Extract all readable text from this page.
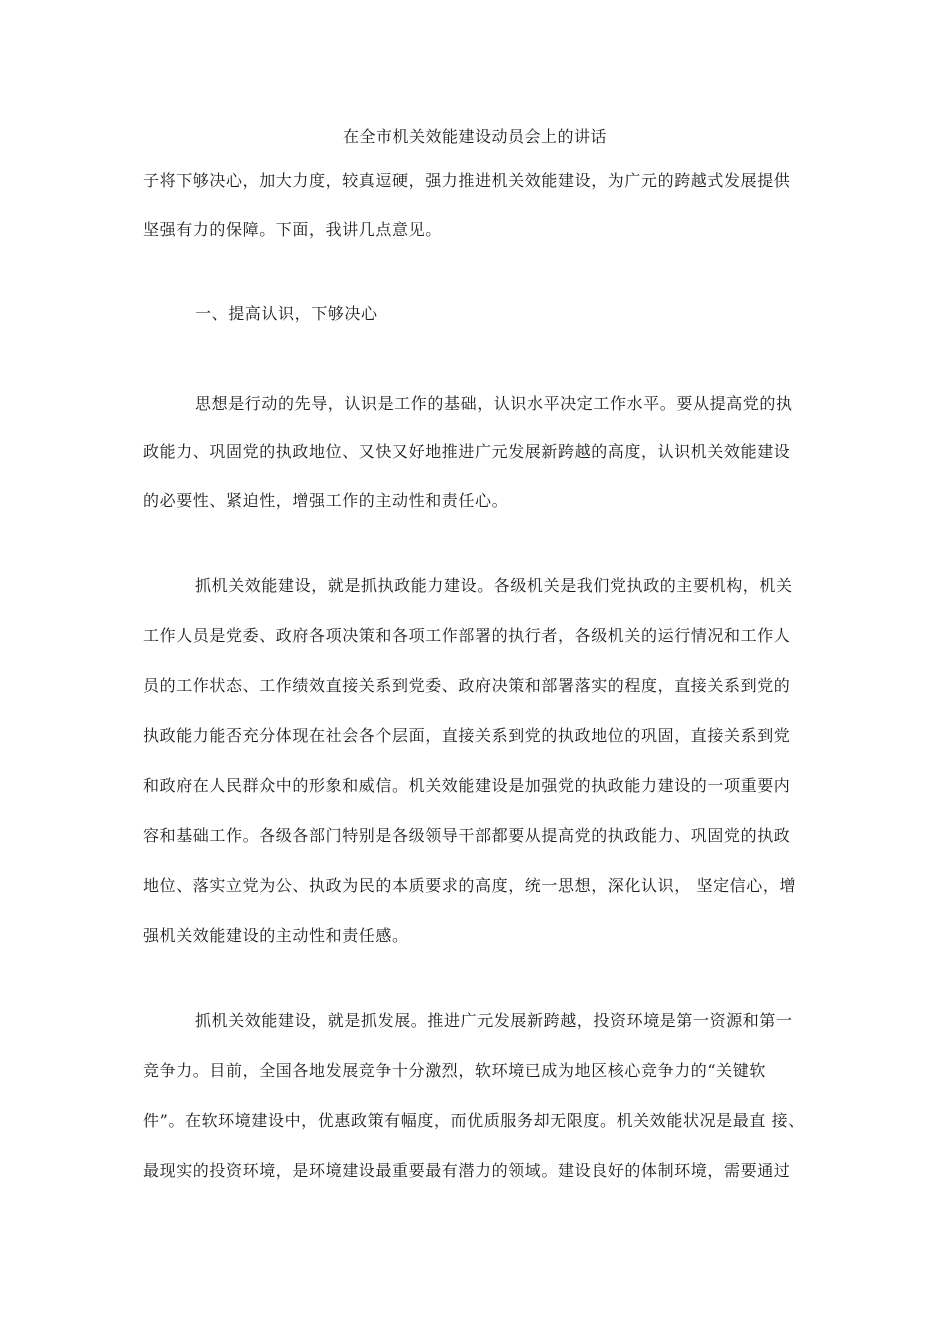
在全市机关效能建设动员会上的讲话
子将下够决心，加大力度，较真逗硬，强力推进机关效能建设，为广元的跨越式发展提供
坚强有力的保障。下面，我讲几点意见。
一、提高认识，下够决心
思想是行动的先导，认识是工作的基础，认识水平决定工作水平。要从提高党的执
政能力、巩固党的执政地位、又快又好地推进广元发展新跨越的高度，认识机关效能建设
的必要性、紧迫性，增强工作的主动性和责任心。
抓机关效能建设，就是抓执政能力建设。各级机关是我们党执政的主要机构，机关
工作人员是党委、政府各项决策和各项工作部署的执行者，各级机关的运行情况和工作人
员的工作状态、工作绩效直接关系到党委、政府决策和部署落实的程度，直接关系到党的
执政能力能否充分体现在社会各个层面，直接关系到党的执政地位的巩固，直接关系到党
和政府在人民群众中的形象和威信。机关效能建设是加强党的执政能力建设的一项重要内
容和基础工作。各级各部门特别是各级领导干部都要从提高党的执政能力、巩固党的执政
地位、落实立党为公、执政为民的本质要求的高度，统一思想，深化认识， 坚定信心，增
强机关效能建设的主动性和责任感。
抓机关效能建设，就是抓发展。推进广元发展新跨越，投资环境是第一资源和第一
竞争力。目前，全国各地发展竞争十分激烈，软环境已成为地区核心竞争力的“关键软
件”。在软环境建设中，优惠政策有幅度，而优质服务却无限度。机关效能状况是最直 接、
最现实的投资环境，是环境建设最重要最有潜力的领域。建设良好的体制环境，需要通过
